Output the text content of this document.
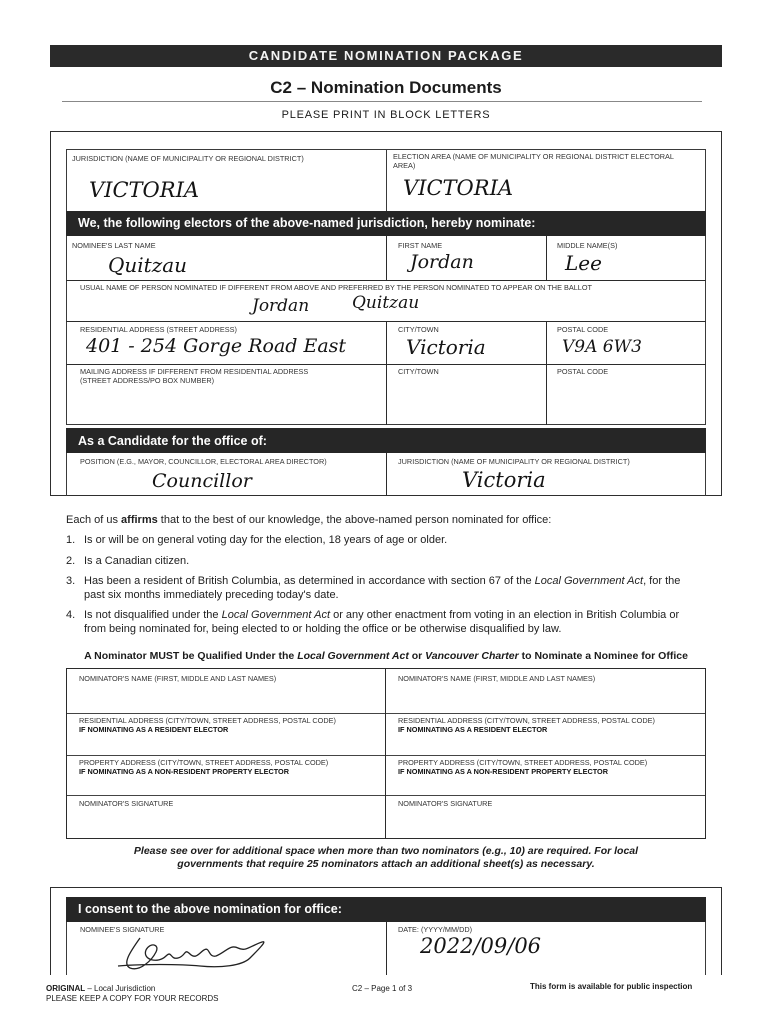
CANDIDATE NOMINATION PACKAGE
C2 – Nomination Documents
PLEASE PRINT IN BLOCK LETTERS
JURISDICTION (NAME OF MUNICIPALITY OR REGIONAL DISTRICT)
VICTORIA
ELECTION AREA (NAME OF MUNICIPALITY OR REGIONAL DISTRICT ELECTORAL AREA)
VICTORIA
We, the following electors of the above-named jurisdiction, hereby nominate:
NOMINEE'S LAST NAME
Quitzau
FIRST NAME
Jordan
MIDDLE NAME(S)
Lee
USUAL NAME OF PERSON NOMINATED IF DIFFERENT FROM ABOVE AND PREFERRED BY THE PERSON NOMINATED TO APPEAR ON THE BALLOT
Jordan	Quitzau
RESIDENTIAL ADDRESS (STREET ADDRESS)
401 - 254 Gorge Road East
CITY/TOWN
Victoria
POSTAL CODE
V9A 6W3
MAILING ADDRESS IF DIFFERENT FROM RESIDENTIAL ADDRESS (STREET ADDRESS/PO BOX NUMBER)
CITY/TOWN	POSTAL CODE
As a Candidate for the office of:
POSITION (E.G., MAYOR, COUNCILLOR, ELECTORAL AREA DIRECTOR)
Councillor
JURISDICTION (NAME OF MUNICIPALITY OR REGIONAL DISTRICT)
Victoria
Each of us affirms that to the best of our knowledge, the above-named person nominated for office:
1. Is or will be on general voting day for the election, 18 years of age or older.
2. Is a Canadian citizen.
3. Has been a resident of British Columbia, as determined in accordance with section 67 of the Local Government Act, for the past six months immediately preceding today's date.
4. Is not disqualified under the Local Government Act or any other enactment from voting in an election in British Columbia or from being nominated for, being elected to or holding the office or be otherwise disqualified by law.
A Nominator MUST be Qualified Under the Local Government Act or Vancouver Charter to Nominate a Nominee for Office
NOMINATOR'S NAME (FIRST, MIDDLE AND LAST NAMES)
RESIDENTIAL ADDRESS (CITY/TOWN, STREET ADDRESS, POSTAL CODE)
IF NOMINATING AS A RESIDENT ELECTOR
PROPERTY ADDRESS (CITY/TOWN, STREET ADDRESS, POSTAL CODE)
IF NOMINATING AS A NON-RESIDENT PROPERTY ELECTOR
NOMINATOR'S SIGNATURE
NOMINATOR'S NAME (FIRST, MIDDLE AND LAST NAMES)
RESIDENTIAL ADDRESS (CITY/TOWN, STREET ADDRESS, POSTAL CODE)
IF NOMINATING AS A RESIDENT ELECTOR
PROPERTY ADDRESS (CITY/TOWN, STREET ADDRESS, POSTAL CODE)
IF NOMINATING AS A NON-RESIDENT PROPERTY ELECTOR
NOMINATOR'S SIGNATURE
Please see over for additional space when more than two nominators (e.g., 10) are required. For local governments that require 25 nominators attach an additional sheet(s) as necessary.
I consent to the above nomination for office:
NOMINEE'S SIGNATURE	DATE: (YYYY/MM/DD)
2022/09/06
ORIGINAL – Local Jurisdiction
PLEASE KEEP A COPY FOR YOUR RECORDS
C2 – Page 1 of 3	This form is available for public inspection
